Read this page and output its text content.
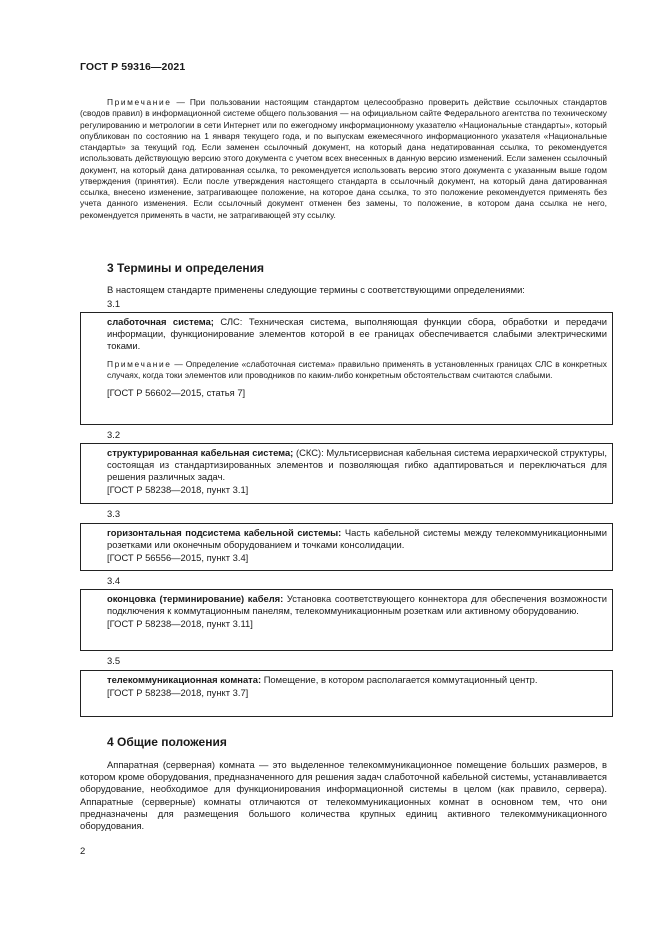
ГОСТ Р 59316—2021
Примечание — При пользовании настоящим стандартом целесообразно проверить действие ссылочных стандартов (сводов правил) в информационной системе общего пользования — на официальном сайте Федерального агентства по техническому регулированию и метрологии в сети Интернет или по ежегодному информационному указателю «Национальные стандарты», который опубликован по состоянию на 1 января текущего года, и по выпускам ежемесячного информационного указателя «Национальные стандарты» за текущий год. Если заменен ссылочный документ, на который дана недатированная ссылка, то рекомендуется использовать действующую версию этого документа с учетом всех внесенных в данную версию изменений. Если заменен ссылочный документ, на который дана датированная ссылка, то рекомендуется использовать версию этого документа с указанным выше годом утверждения (принятия). Если после утверждения настоящего стандарта в ссылочный документ, на который дана датированная ссылка, внесено изменение, затрагивающее положение, на которое дана ссылка, то это положение рекомендуется применять без учета данного изменения. Если ссылочный документ отменен без замены, то положение, в котором дана ссылка не него, рекомендуется применять в части, не затрагивающей эту ссылку.
3 Термины и определения
В настоящем стандарте применены следующие термины с соответствующими определениями:
3.1

слаботочная система; СЛС: Техническая система, выполняющая функции сбора, обработки и передачи информации, функционирование элементов которой в ее границах обеспечивается слабыми электрическими токами.

Примечание — Определение «слаботочная система» правильно применять в установленных границах СЛС в конкретных случаях, когда токи элементов или проводников по каким-либо конкретным обстоятельствам считаются слабыми.

[ГОСТ Р 56602—2015, статья 7]

3.2

структурированная кабельная система; (СКС): Мультисервисная кабельная система иерархической структуры, состоящая из стандартизированных элементов и позволяющая гибко адаптироваться и переключаться для решения различных задач.

[ГОСТ Р 58238—2018, пункт 3.1]

3.3

горизонтальная подсистема кабельной системы: Часть кабельной системы между телекоммуникационными розетками или оконечным оборудованием и точками консолидации.

[ГОСТ Р 56556—2015, пункт 3.4]

3.4

оконцовка (терминирование) кабеля: Установка соответствующего коннектора для обеспечения возможности подключения к коммутационным панелям, телекоммуникационным розеткам или активному оборудованию.

[ГОСТ Р 58238—2018, пункт 3.11]

3.5

телекоммуникационная комната: Помещение, в котором располагается коммутационный центр.

[ГОСТ Р 58238—2018, пункт 3.7]

4 Общие положения
Аппаратная (серверная) комната — это выделенное телекоммуникационное помещение больших размеров, в котором кроме оборудования, предназначенного для решения задач слаботочной кабельной системы, устанавливается оборудование, необходимое для функционирования информационной системы в целом (как правило, сервера). Аппаратные (серверные) комнаты отличаются от телекоммуникационных комнат в основном тем, что они предназначены для размещения большого количества крупных единиц активного телекоммуникационного оборудования.
2
